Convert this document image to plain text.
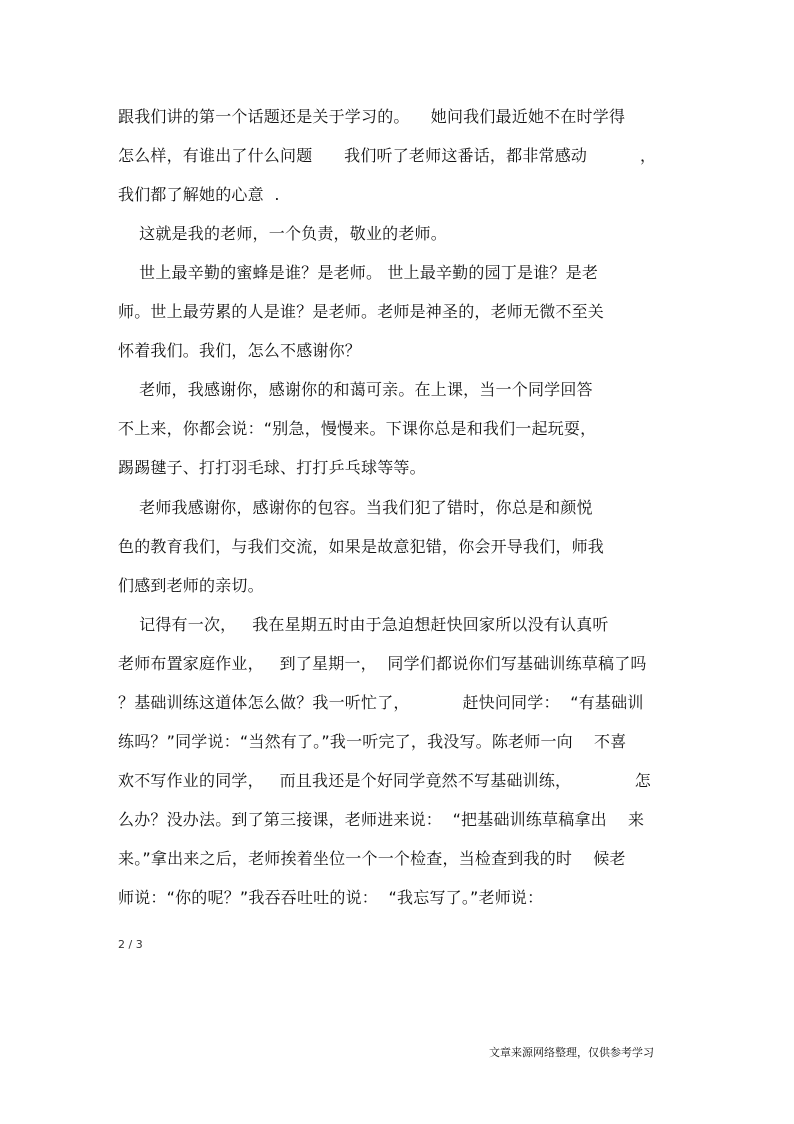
跟我们讲的第一个话题还是关于学习的。    她问我们最近她不在时学得
怎么样，有谁出了什么问题      我们听了老师这番话，都非常感动          ，
我们都了解她的心意  .
这就是我的老师，一个负责，敬业的老师。
世上最辛勤的蜜蜂是谁？是老师。 世上最辛勤的园丁是谁？是老
师。世上最劳累的人是谁？是老师。老师是神圣的，老师无微不至关
怀着我们。我们，怎么不感谢你？
老师，我感谢你，感谢你的和蔼可亲。在上课，当一个同学回答
不上来，你都会说：“别急，慢慢来。下课你总是和我们一起玩耍，
踢踢毽子、打打羽毛球、打打乒乓球等等。
老师我感谢你，感谢你的包容。当我们犯了错时，你总是和颜悦
色的教育我们，与我们交流，如果是故意犯错，你会开导我们，师我
们感到老师的亲切。
记得有一次，   我在星期五时由于急迫想赶快回家所以没有认真听
老师布置家庭作业，   到了星期一，  同学们都说你们写基础训练草稿了吗
？基础训练这道体怎么做？我一听忙了，          赶快问同学：  “有基础训
练吗？”同学说：“当然有了。”我一听完了，我没写。陈老师一向    不喜
欢不写作业的同学，   而且我还是个好同学竟然不写基础训练，            怎
么办？没办法。到了第三接课，老师进来说：  “把基础训练草稿拿出    来
来。”拿出来之后，老师挨着坐位一个一个检查，当检查到我的时    候老
师说：“你的呢？”我吞吞吐吐的说：  “我忘写了。”老师说：
2 / 3
文章来源网络整理，仅供参考学习
